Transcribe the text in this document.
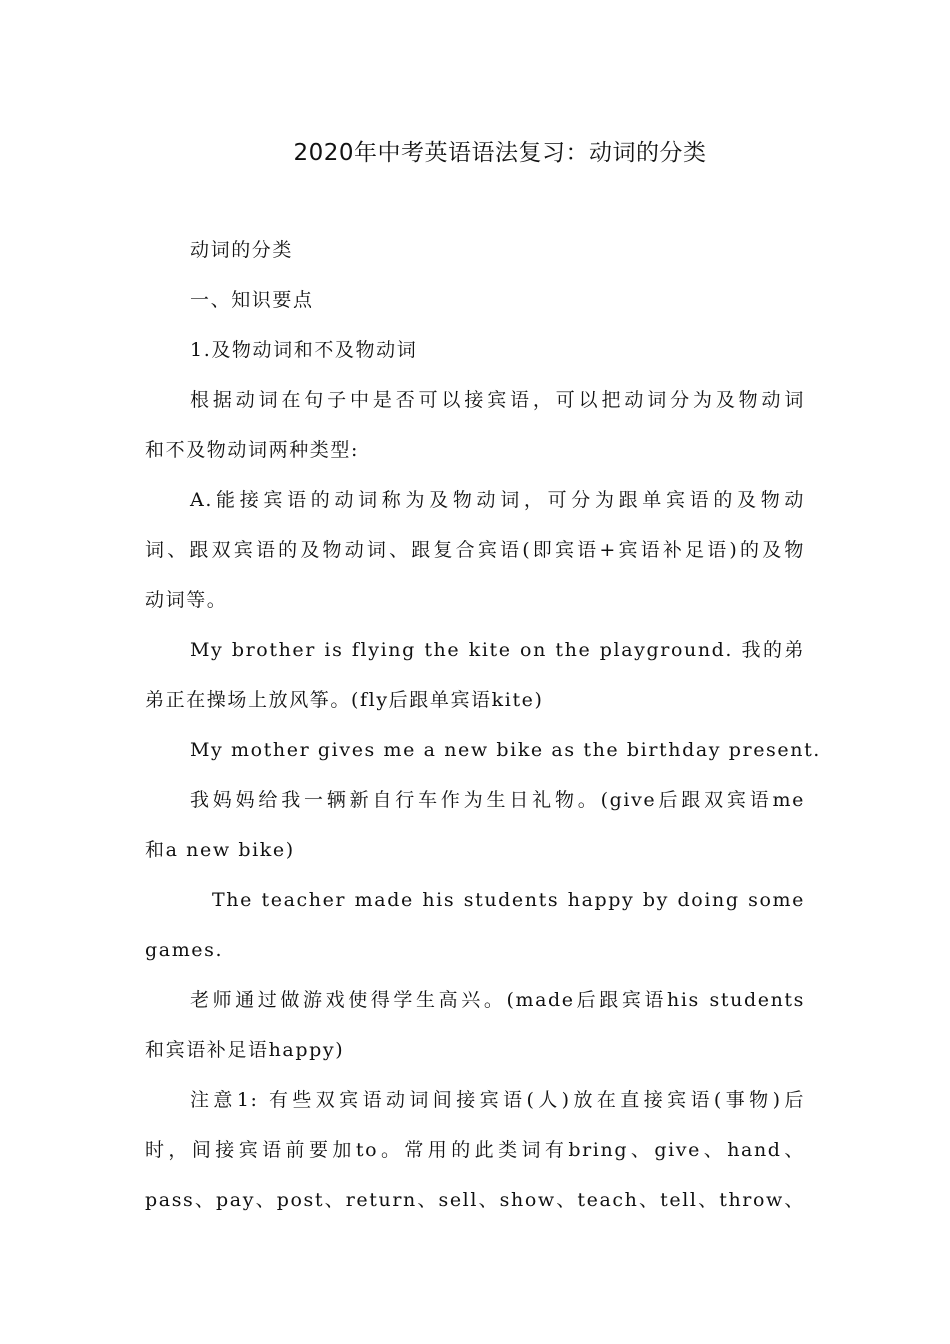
2020年中考英语语法复习：动词的分类
动词的分类
一、知识要点
1.及物动词和不及物动词
根据动词在句子中是否可以接宾语，可以把动词分为及物动词
和不及物动词两种类型:
A.能接宾语的动词称为及物动词，可分为跟单宾语的及物动
词、跟双宾语的及物动词、跟复合宾语(即宾语+宾语补足语)的及物
动词等。
My brother is flying the kite on the playground. 我的弟
弟正在操场上放风筝。(fly后跟单宾语kite)
My mother gives me a new bike as the birthday present.
我妈妈给我一辆新自行车作为生日礼物。(give后跟双宾语me
和a new bike)
The teacher made his students happy by doing some
games.
老师通过做游戏使得学生高兴。(made后跟宾语his students
和宾语补足语happy)
注意1: 有些双宾语动词间接宾语(人)放在直接宾语(事物)后
时，间接宾语前要加to。常用的此类词有bring、give、hand、
pass、pay、post、return、sell、show、teach、tell、throw、
